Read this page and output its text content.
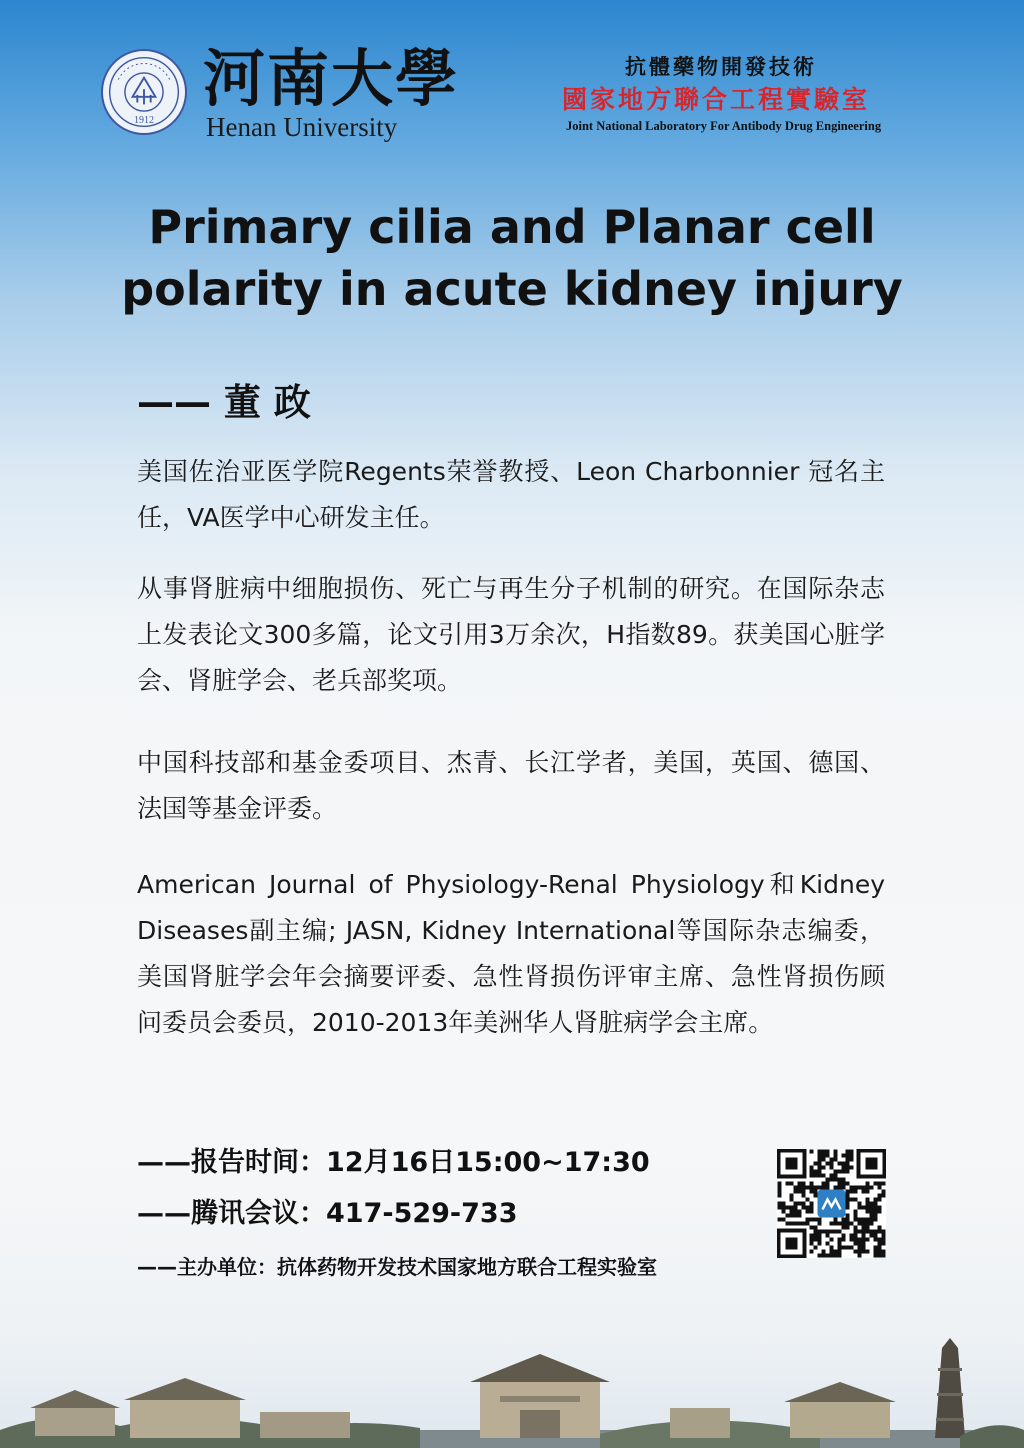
1912
河南大學
Henan University
抗體藥物開發技術
國家地方聯合工程實驗室
Joint National Laboratory For Antibody Drug Engineering
Primary cilia and Planar cell polarity in acute kidney injury
—— 董 政

美国佐治亚医学院Regents荣誉教授、Leon Charbonnier 冠名主任，VA医学中心研发主任。

从事肾脏病中细胞损伤、死亡与再生分子机制的研究。在国际杂志上发表论文300多篇，论文引用3万余次，H指数89。获美国心脏学会、肾脏学会、老兵部奖项。

中国科技部和基金委项目、杰青、长江学者，美国，英国、德国、法国等基金评委。

American Journal of Physiology-Renal Physiology和Kidney Diseases副主编; JASN, Kidney International等国际杂志编委，美国肾脏学会年会摘要评委、急性肾损伤评审主席、急性肾损伤顾问委员会委员，2010-2013年美洲华人肾脏病学会主席。

——报告时间：12月16日15:00~17:30
——腾讯会议：417-529-733
——主办单位：抗体药物开发技术国家地方联合工程实验室
